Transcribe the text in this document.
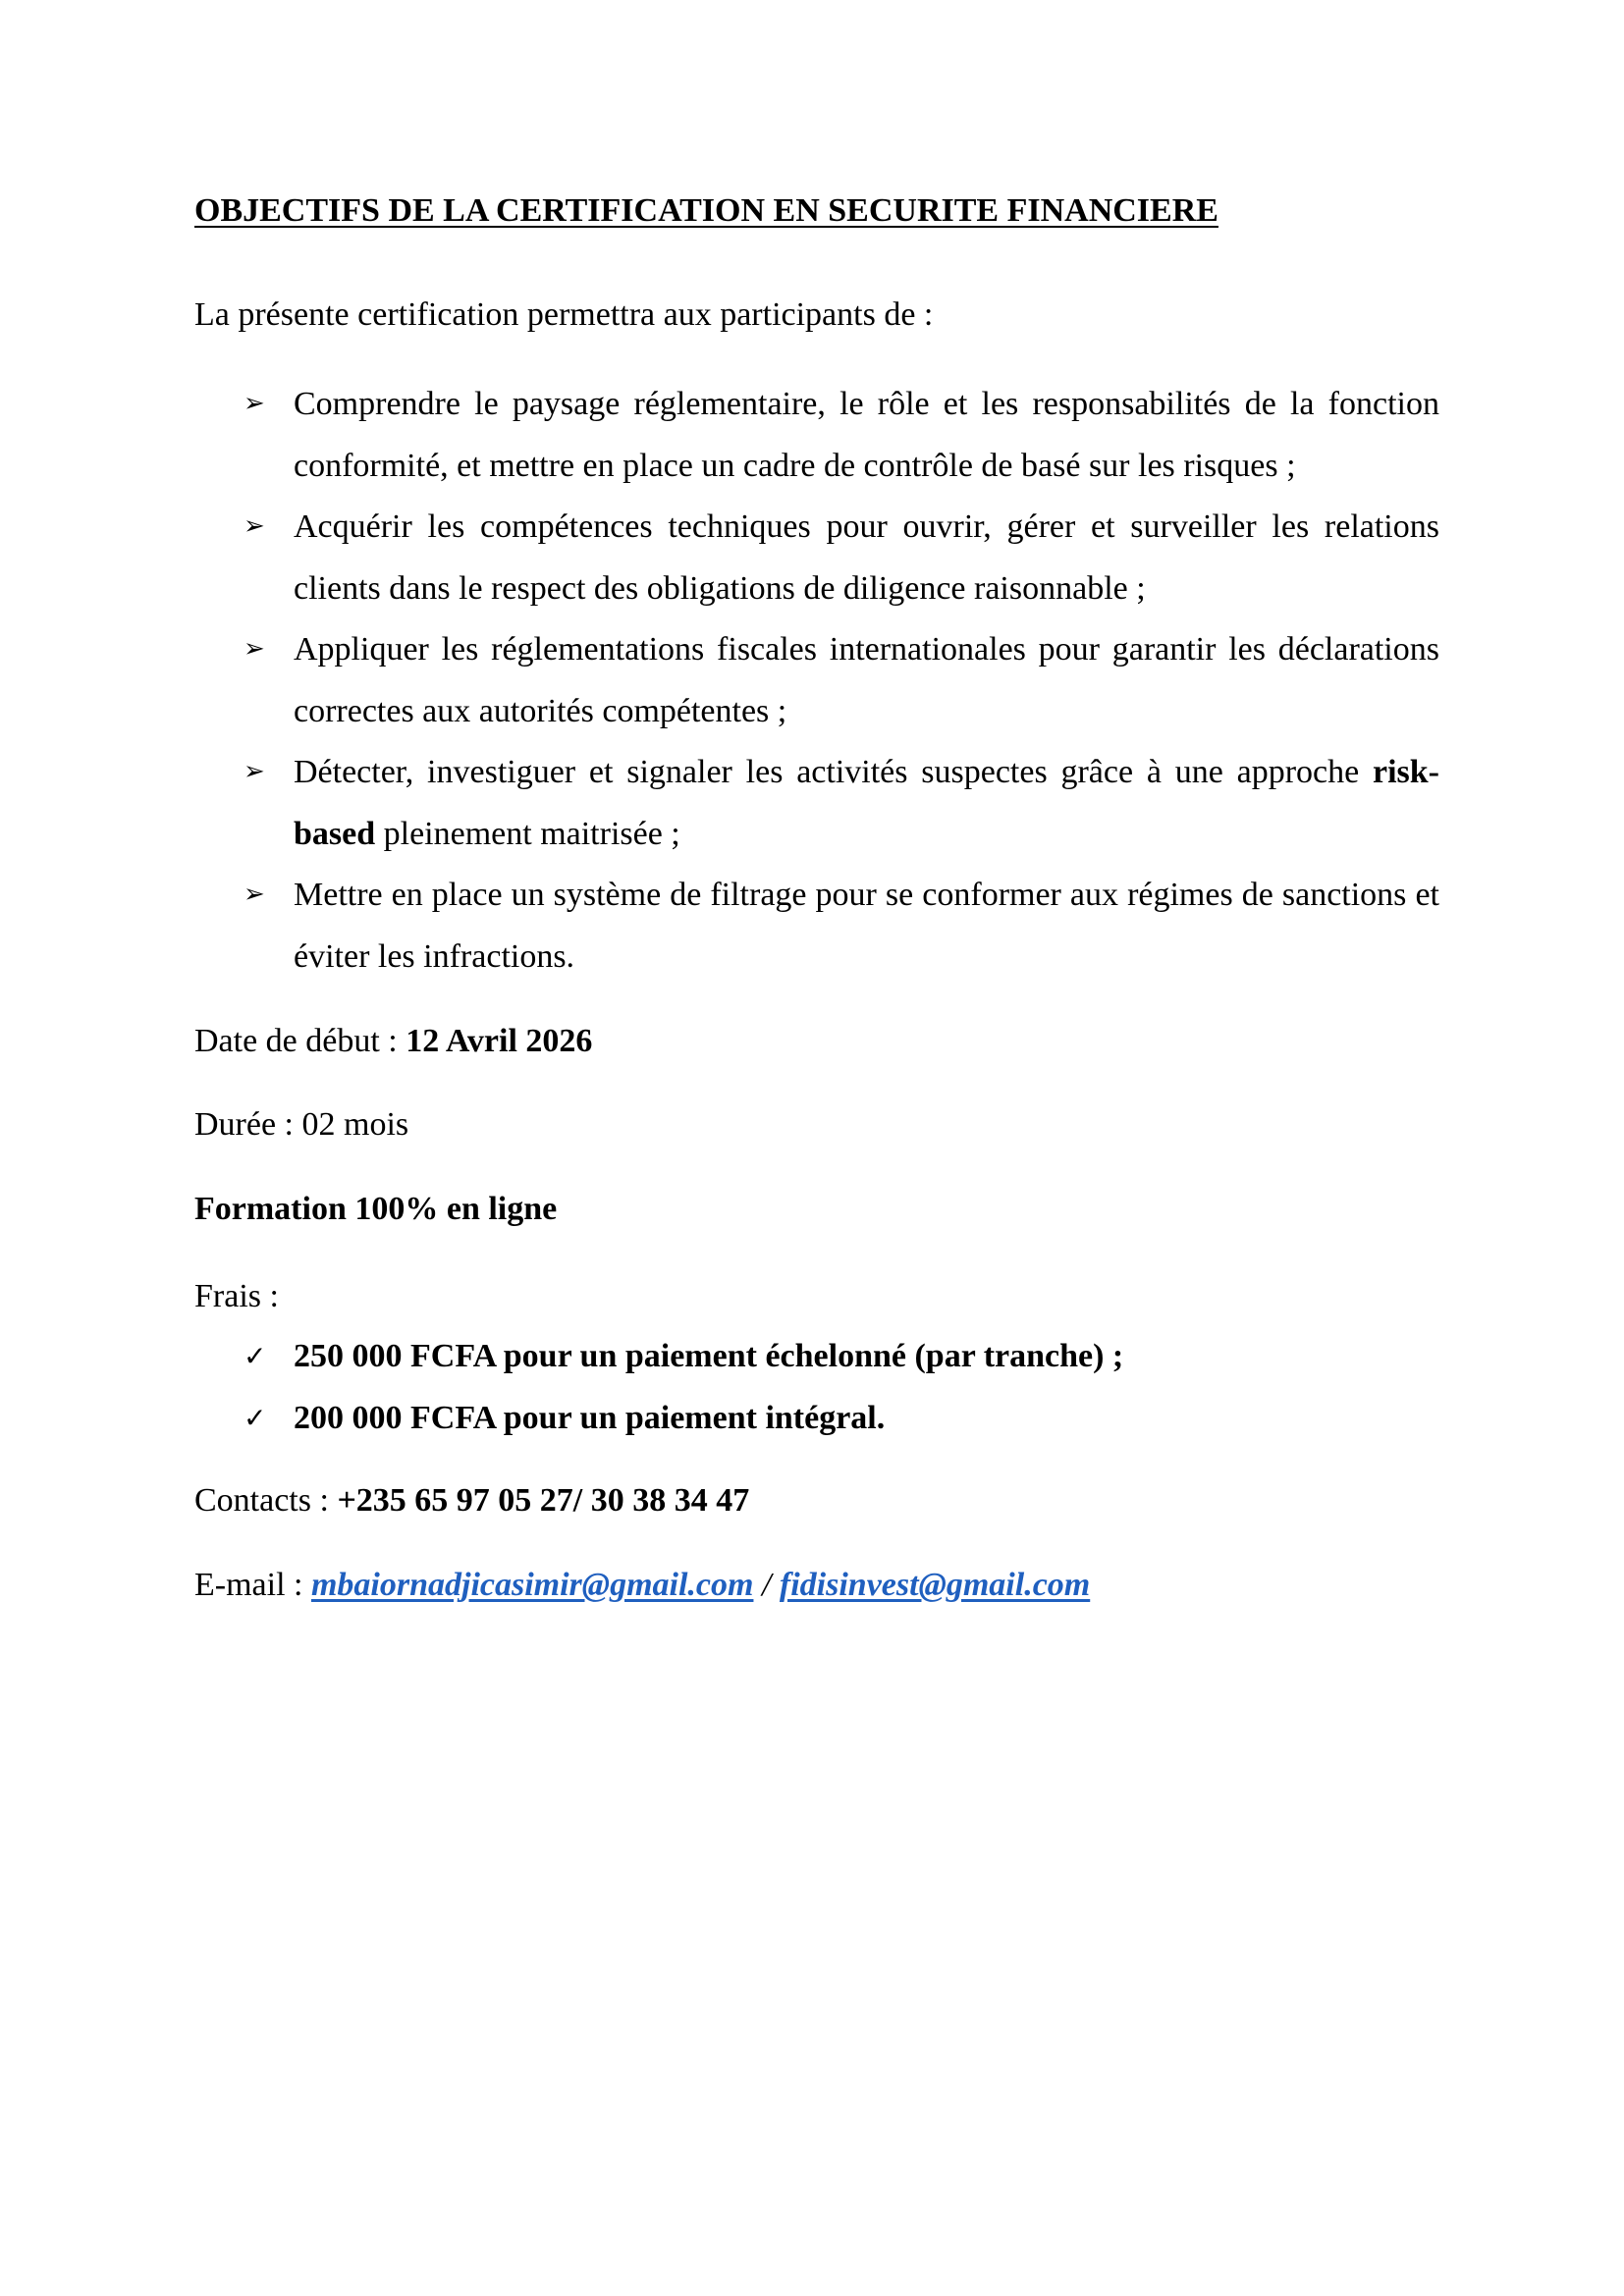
OBJECTIFS DE LA CERTIFICATION EN SECURITE FINANCIERE
La présente certification permettra aux participants de :
➢ Comprendre le paysage réglementaire, le rôle et les responsabilités de la fonction conformité, et mettre en place un cadre de contrôle de basé sur les risques ;
➢ Acquérir les compétences techniques pour ouvrir, gérer et surveiller les relations clients dans le respect des obligations de diligence raisonnable ;
➢ Appliquer les réglementations fiscales internationales pour garantir les déclarations correctes aux autorités compétentes ;
➢ Détecter, investiguer et signaler les activités suspectes grâce à une approche risk-based pleinement maitrisée ;
➢ Mettre en place un système de filtrage pour se conformer aux régimes de sanctions et éviter les infractions.
Date de début : 12 Avril 2026
Durée : 02 mois
Formation 100% en ligne
Frais :
✓ 250 000 FCFA pour un paiement échelonné (par tranche) ;
✓ 200 000 FCFA pour un paiement intégral.
Contacts : +235 65 97 05 27/ 30 38 34 47
E-mail : mbaiornadjicasimir@gmail.com / fidisinvest@gmail.com
